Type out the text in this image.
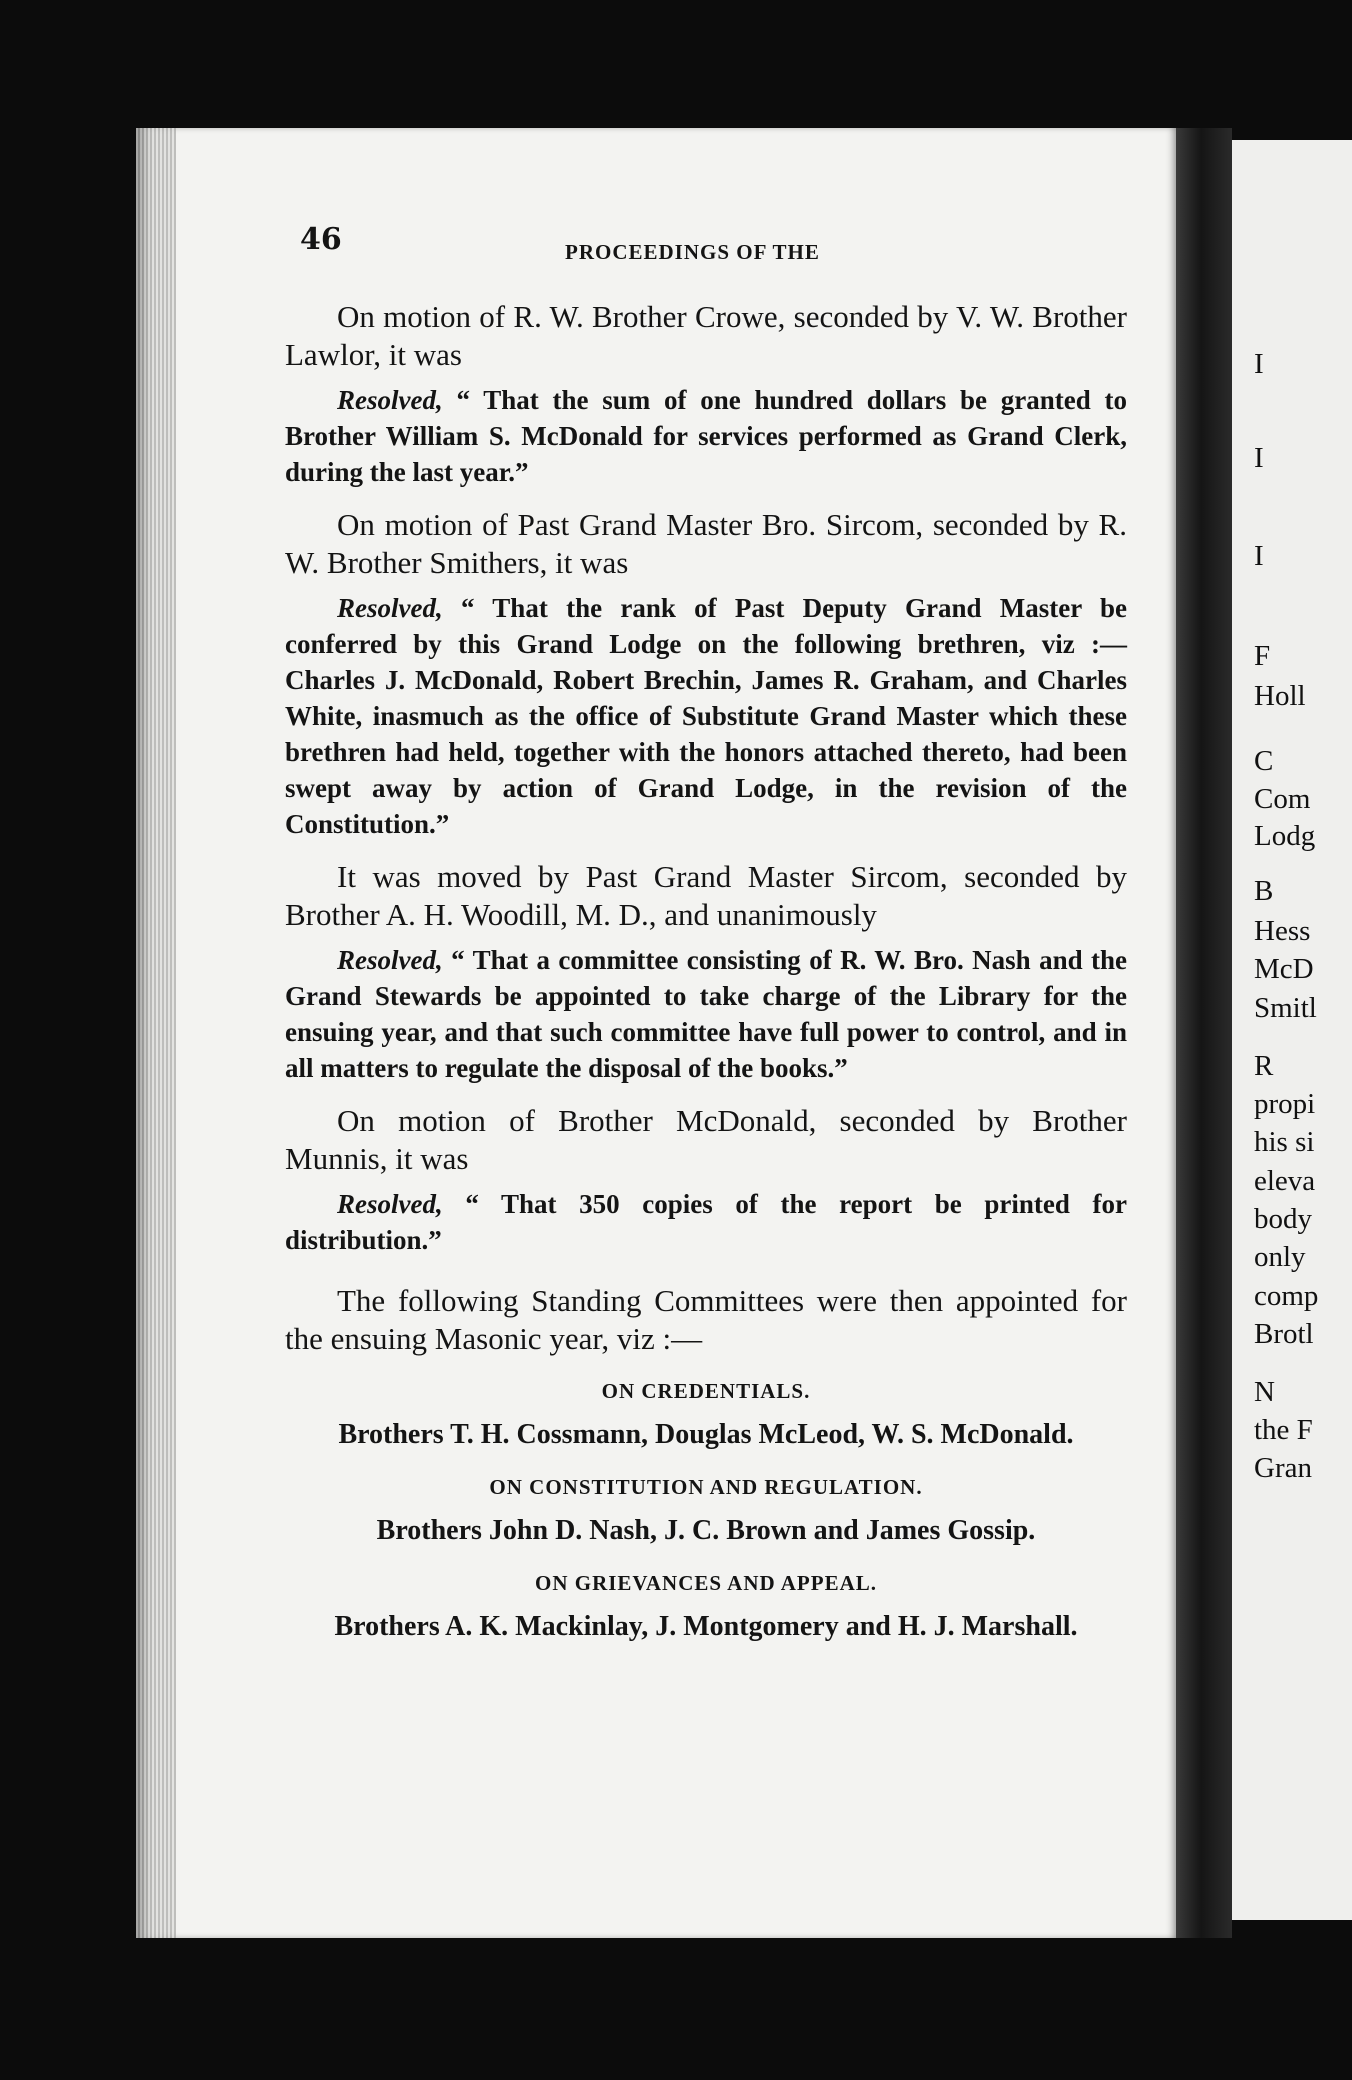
I
I
I
F
Holl
C
Com
Lodg
B
Hess
McD
Smitl
R
propi
his si
eleva
body
only
comp
Brotl
N
the F
Gran
46	PROCEEDINGS OF THE

On motion of R. W. Brother Crowe, seconded by V. W. Brother Lawlor, it was

Resolved, “ That the sum of one hundred dollars be granted to Brother William S. McDonald for services performed as Grand Clerk, during the last year.”

On motion of Past Grand Master Bro. Sircom, seconded by R. W. Brother Smithers, it was

Resolved, “ That the rank of Past Deputy Grand Master be conferred by this Grand Lodge on the following brethren, viz :— Charles J. McDonald, Robert Brechin, James R. Graham, and Charles White, inasmuch as the office of Substitute Grand Master which these brethren had held, together with the honors attached thereto, had been swept away by action of Grand Lodge, in the revision of the Constitution.”

It was moved by Past Grand Master Sircom, seconded by Brother A. H. Woodill, M. D., and unanimously

Resolved, “ That a committee consisting of R. W. Bro. Nash and the Grand Stewards be appointed to take charge of the Library for the ensuing year, and that such committee have full power to control, and in all matters to regulate the disposal of the books.”

On motion of Brother McDonald, seconded by Brother Munnis, it was

Resolved, “ That 350 copies of the report be printed for distribution.”

The following Standing Committees were then appointed for the ensuing Masonic year, viz :—

ON CREDENTIALS.

Brothers T. H. Cossmann, Douglas McLeod, W. S. McDonald.

ON CONSTITUTION AND REGULATION.

Brothers John D. Nash, J. C. Brown and James Gossip.

ON GRIEVANCES AND APPEAL.

Brothers A. K. Mackinlay, J. Montgomery and H. J. Marshall.
